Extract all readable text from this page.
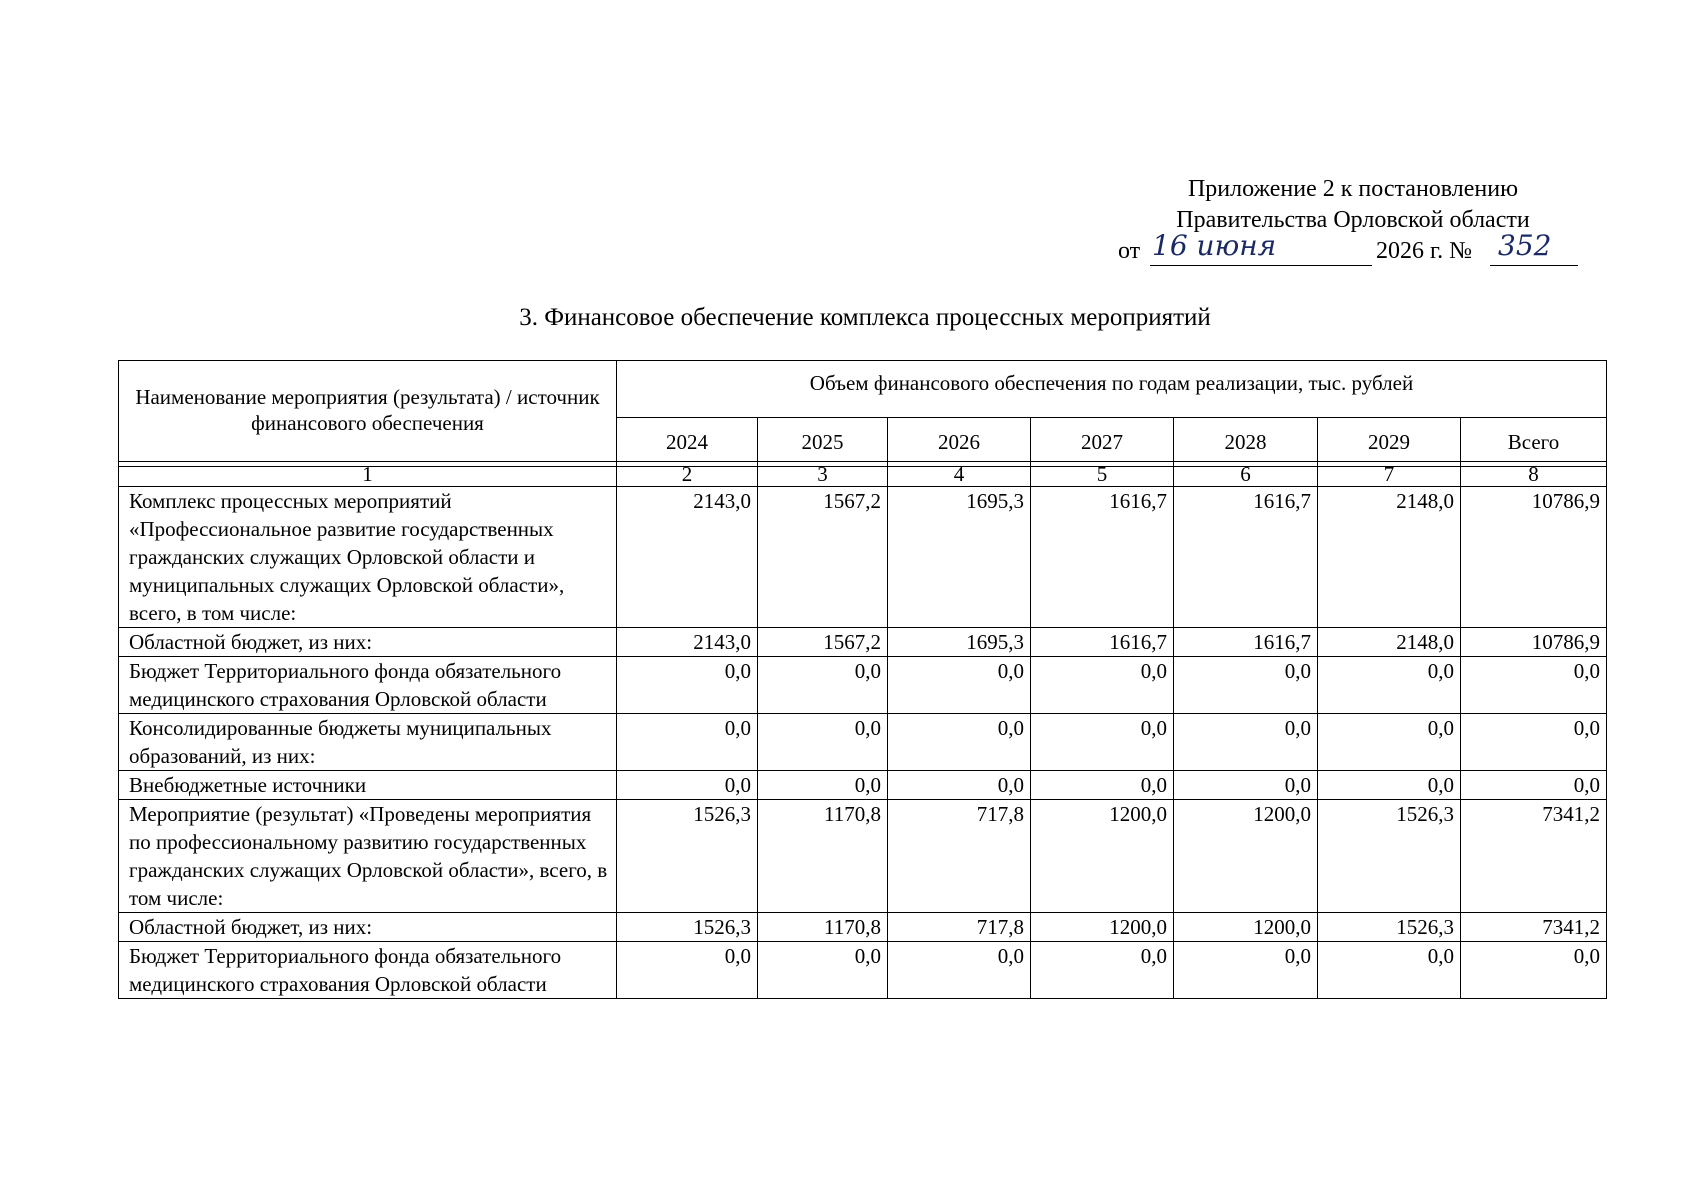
Приложение 2 к постановлению
Правительства Орловской области
от 16 июня	2026 г. № 352
3. Финансовое обеспечение комплекса процессных мероприятий
Наименование мероприятия (результата) / источник финансового обеспечения	Объем финансового обеспечения по годам реализации, тыс. рублей						
	2024	2025	2026	2027	2028	2029	Всего
1	2	3	4	5	6	7	8
Комплекс процессных мероприятий «Профессиональное развитие государственных гражданских служащих Орловской области и муниципальных служащих Орловской области», всего, в том числе:	2143,0	1567,2	1695,3	1616,7	1616,7	2148,0	10786,9
Областной бюджет, из них:	2143,0	1567,2	1695,3	1616,7	1616,7	2148,0	10786,9
Бюджет Территориального фонда обязательного медицинского страхования Орловской области	0,0	0,0	0,0	0,0	0,0	0,0	0,0
Консолидированные бюджеты муниципальных образований, из них:	0,0	0,0	0,0	0,0	0,0	0,0	0,0
Внебюджетные источники	0,0	0,0	0,0	0,0	0,0	0,0	0,0
Мероприятие (результат) «Проведены мероприятия по профессиональному развитию государственных гражданских служащих Орловской области», всего, в том числе:	1526,3	1170,8	717,8	1200,0	1200,0	1526,3	7341,2
Областной бюджет, из них:	1526,3	1170,8	717,8	1200,0	1200,0	1526,3	7341,2
Бюджет Территориального фонда обязательного медицинского страхования Орловской области	0,0	0,0	0,0	0,0	0,0	0,0	0,0
